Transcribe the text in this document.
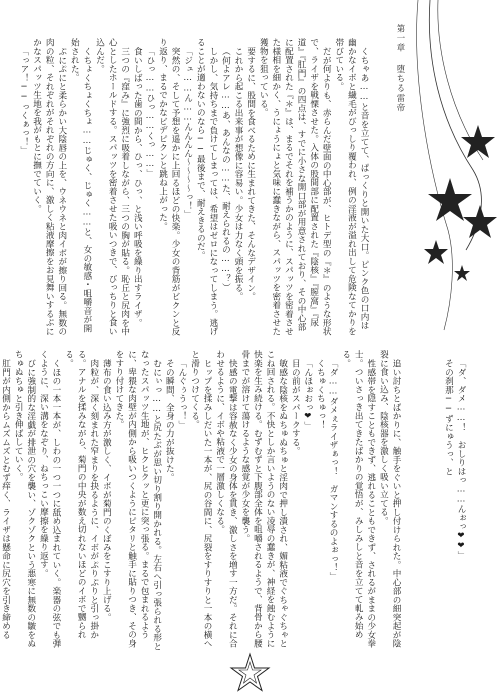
第一章 堕ちる雷帝

くちゃあ……と音を立てて、ぱっくりと開いた大口。ピンク色の口内は幽かなイボと繊毛がびっしり覆われ、例の淫液が溢れ出して危険なてかりを帯びている。

だが何よりも、赤らんだ壁面の中心部が、ヒトデ型の『＊』のような形状で、ライザを戦慄させた。入体の股間部に配置された『陰核』『膣窩』『尿道』『肛門』の四点は、すでに小さな開口部が用意されており、その中心部に配置された『＊』は、まるでそれを補うかのように、スパッツを密着させた様相を細かく、うにょうにょと気味に蠢きながら、スパッツを密着させた獲物を狙っている。

要するに、股間を食べるために生まれてきた、そんなデザイン。

これから起こる出来事が想像に容易い。少女は力なく頭を振る。

（何よアレ……あ、あんなの……た、耐えられるの……？）

しかし、気持ちまで負けてしまっては、希望はゼロになってしまう。逃げることが適わないのなら──最後まで、耐えきるのだ。

「ジュ……ん……んんんん〜〜〜〜っ！」

突然の、そして予想を遥かに上回るほどの快楽。少女の背筋がビクンと反り返り、まるでかなビデピクンと跳ね上がった。

「ひっ……ひっ……くっ……」

食いしばった歯の間から、ひっ、ひっ、と浅い呼吸を繰り出すライザ。

三つの『窪み』に強烈に吸着しながら、三つの胸が貼る。恥丘と尻肉を中心としたホールドする。スパッツを密着させた吸いつきで、びっちりと食い込んだ。

くちょくちょくちょ……じゅく、じゅく……と、女の敏感・咀嚼音が開始された。

ぷにぷにと柔らかい大陰唇の上を、ウネウネと肉イボが擦り回る。無数の肉の粒、それぞれがそれぞれの方向に、激しく粘液摩擦をお見舞いするぷにかなスパッツ生地を我がもとに撫でていく。

「っア！──っくぁっ！」

「ダ、ダメ……！　おしりはっ……んぉっ❤❤」

その刹那──ずにゅうっ、と

追い討ちとばかりに、触手をぐいと押し付けられた。中心部の細突起が陰裂に食い込み、陰核器を激しく吸い立てる。

性感帯を隠すこともできず、逃れることもできず、されるがままの少女拳士。ついさっき出てきたばかりの覚悟が、みしみしと音を立てて軋み始める。

「ダ……ダメぇライザぁっ！　ガマンするのよぉっ！」

くちゅくちゅっ！

「んほぉおっ❤」

目の前がスパークする。

敏感な陰核をぬちゅぬちゅと淫肉で押し潰され、媚粘液でぐちゃぐちゃとこね回される。不快としか言いようのない凌辱の蠢きが、神経を蝕むように快楽を生み続ける。むずむずと下腹部全体を咀嚼されるようで、背骨から腰骨までが溶けて蕩けるような感覚が少女を襲う。

快感の電撃は容赦なく少女の身体を貫き、激しさを増す一方だ。それに合わせるように、イボや粘液で一層激しくなる。

ヒップを揉みしだいた一本が、尻の谷間に、尻裂をすりすりと一本の横へと滑りつけてくる。

「んぐぅうっ！」

その瞬間、全身の力が抜けた。

むにぃっ……と尻たぶが思い切り割り開かれる。左右へ引っ張られる形となったスパッツ生地が、ヒクヒクッと更に突っ張る。まるで包まれるように、卑猥な肉壁が内側から吸いつくようにピタリと触手に貼りつき、その身をすり付けてきた。

薄布の食い込み方が激しく、イボが菊門のくぼみをこすり上げる。

肉粒が、深く刻まれた窄まりを抉るように、イボがぷりぷりと引っ掛かる。アナルを揉みながら、菊門の中央が数え切れないほどのイボで嬲られる。

くほの一本一本が、しわの一つ一つに舐め込まれていく。楽器の弦でも弾くように、深い溝をなぞり、ねちっこい摩擦を繰り返す。

びに強制的な淫戯が排泄の穴を襲い、ゾクゾクという悪寒に無数の皺をぬちゅぬちゅと引き伸ばしていく。

肛門が内側からムズムズとむず痒く、ライザは懸命に尻穴を引き締める
